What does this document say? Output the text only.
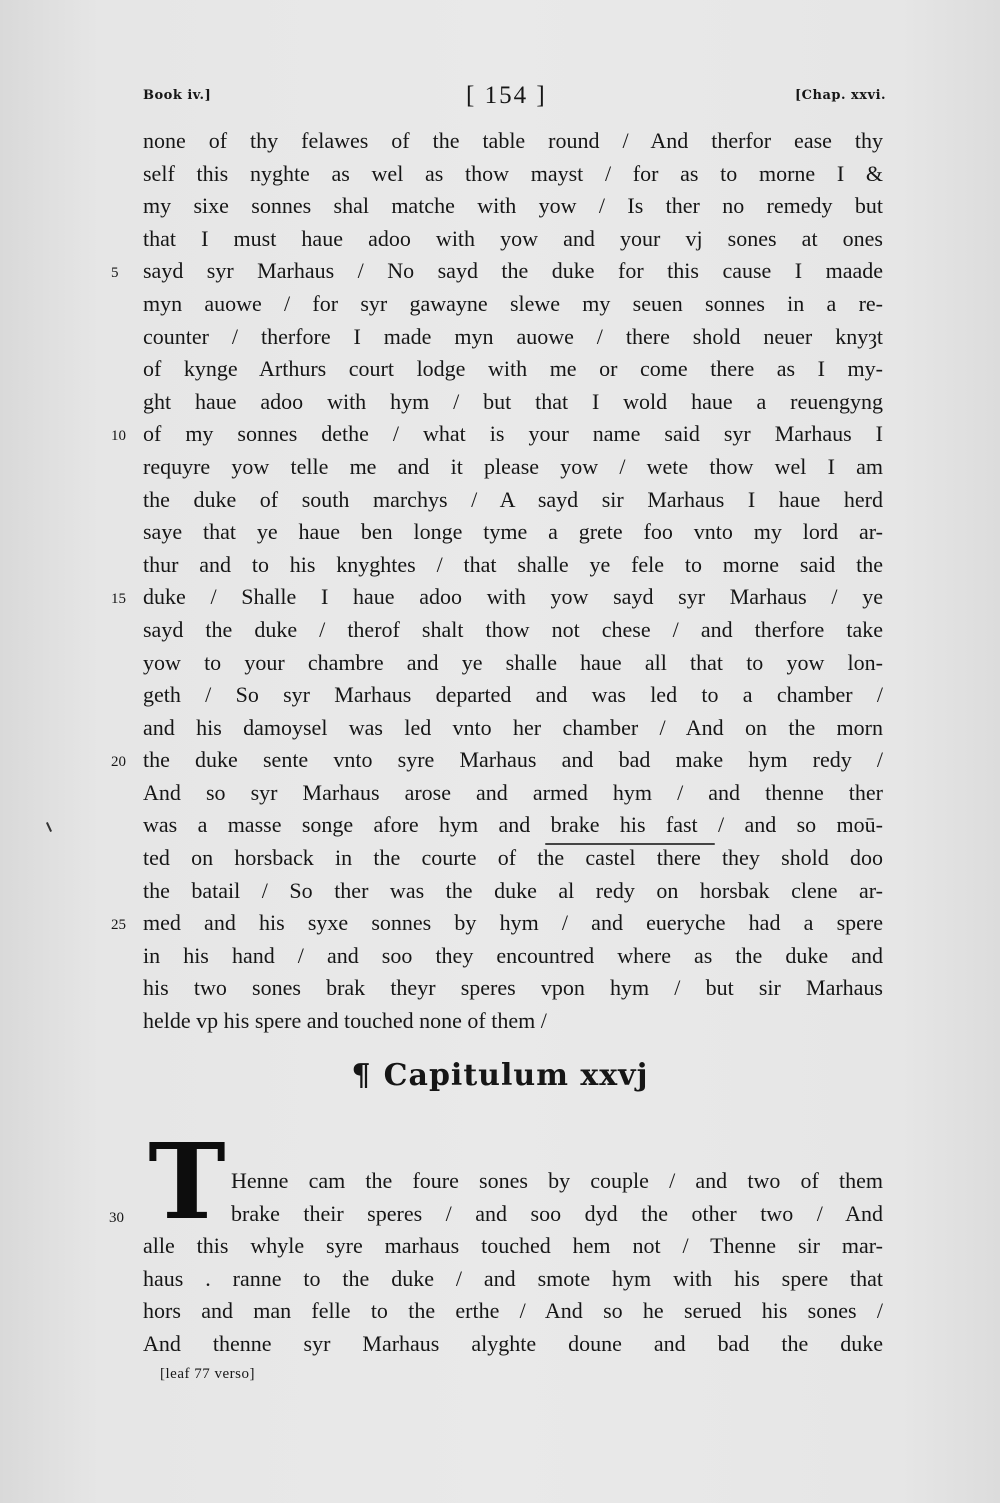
Book iv.]	[ 154 ]	[Chap. xxvi.
none of thy felawes of the table round / And therfor ease thy
self this nyghte as wel as thow mayst / for as to morne I &
my sixe sonnes shal matche with yow / Is ther no remedy but
that I must haue adoo with yow and your vj sones at ones
5	sayd syr Marhaus / No sayd the duke for this cause I maade
myn auowe / for syr gawayne slewe my seuen sonnes in a re-
counter / therfore I made myn auowe / there shold neuer knyȝt
of kynge Arthurs court lodge with me or come there as I my-
ght haue adoo with hym / but that I wold haue a reuengyng
10 of my sonnes dethe / what is your name said syr Marhaus I
requyre yow telle me and it please yow / wete thow wel I am
the duke of south marchys / A sayd sir Marhaus I haue herd
saye that ye haue ben longe tyme a grete foo vnto my lord ar-
thur and to his knyghtes / that shalle ye fele to morne said the
15 duke / Shalle I haue adoo with yow sayd syr Marhaus / ye
sayd the duke / therof shalt thow not chese / and therfore take
yow to your chambre and ye shalle haue all that to yow lon-
geth / So syr Marhaus departed and was led to a chamber /
and his damoysel was led vnto her chamber / And on the morn
20 the duke sente vnto syre Marhaus and bad make hym redy /
And so syr Marhaus arose and armed hym / and thenne ther
was a masse songe afore hym and brake his fast / and so moū-
ted on horsback in the courte of the castel there they shold doo
the batail / So ther was the duke al redy on horsbak clene ar-
25 med and his syxe sonnes by hym / and eueryche had a spere
in his hand / and soo they encountred where as the duke and
his two sones brak theyr speres vpon hym / but sir Marhaus
helde vp his spere and touched none of them /
¶ Capitulum xxvj
T
30
Henne cam the foure sones by couple / and two of them
brake their speres / and soo dyd the other two / And
alle this whyle syre marhaus touched hem not / Thenne sir mar-
haus . ranne to the duke / and smote hym with his spere that
hors and man felle to the erthe / And so he serued his sones /
And thenne syr Marhaus alyghte doune and bad the duke
[leaf 77 verso]
